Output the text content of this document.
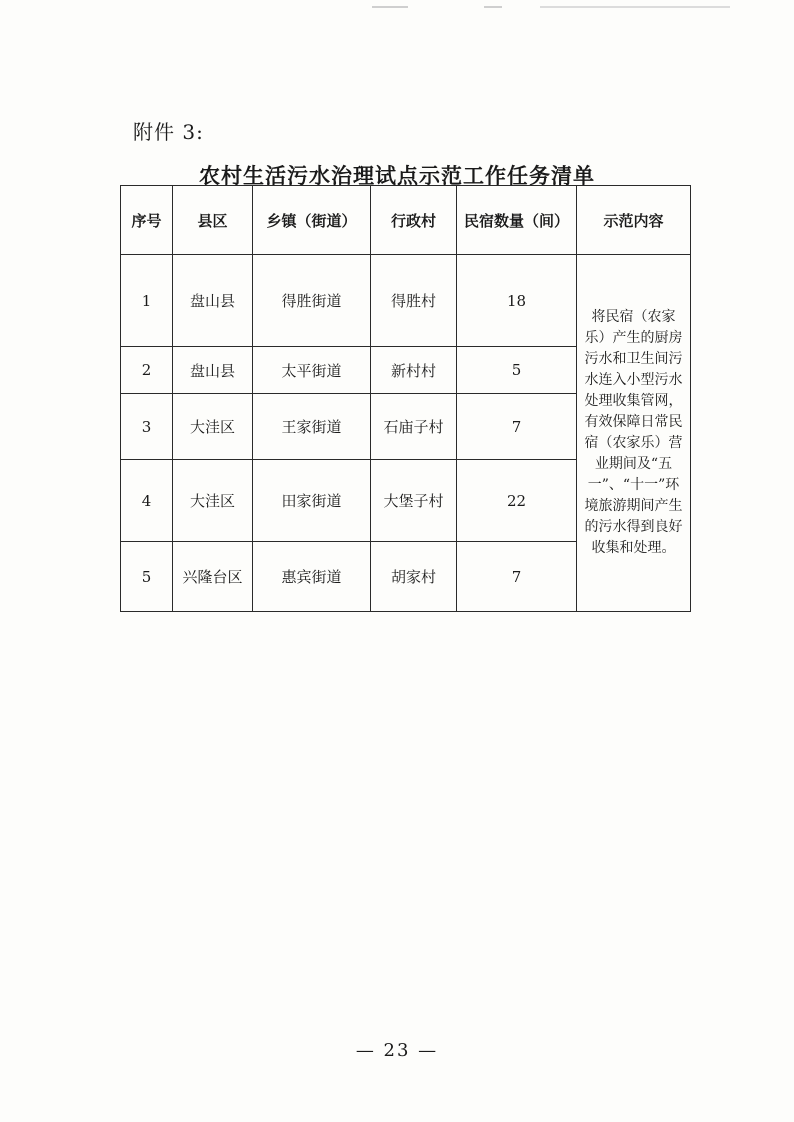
附件 3:
农村生活污水治理试点示范工作任务清单
序号	县区	乡镇（街道）	行政村	民宿数量（间）	示范内容
1	盘山县	得胜街道	得胜村	18	将民宿（农家乐）产生的厨房污水和卫生间污水连入小型污水处理收集管网，有效保障日常民宿（农家乐）营业期间及“五一”、“十一”环境旅游期间产生的污水得到良好收集和处理。
2	盘山县	太平街道	新村村	5	
3	大洼区	王家街道	石庙子村	7	
4	大洼区	田家街道	大堡子村	22	
5	兴隆台区	惠宾街道	胡家村	7	
— 23 —
